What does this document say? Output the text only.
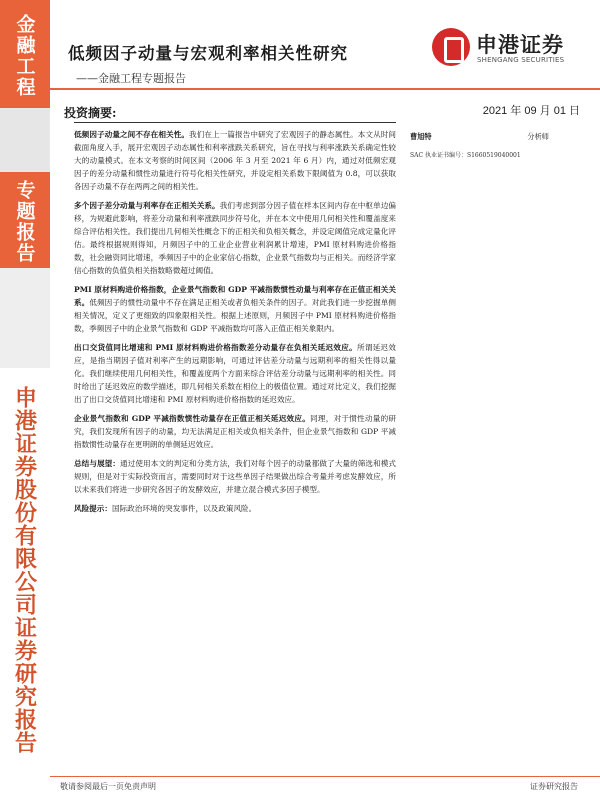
金融工程
专题报告
申港证券股份有限公司证券研究报告
低频因子动量与宏观利率相关性研究
——金融工程专题报告
申港证券
SHENGANG SECURITIES
投资摘要:	2021 年 09 月 01 日

低频因子动量之间不存在相关性。我们在上一篇报告中研究了宏观因子的静态属性。本文从时间截面角度入手，展开宏观因子动态属性和利率涨跌关系研究，旨在寻找与利率涨跌关系确定性较大的动量模式。在本文考察的时间区间（2006 年 3 月至 2021 年 6 月）内，通过对低频宏观因子的差分动量和惯性动量进行符号化相关性研究，并设定相关系数下限阈值为 0.8，可以获取各因子动量不存在两两之间的相关性。

多个因子差分动量与利率存在正相关关系。我们考虑到部分因子值在样本区间内存在中枢单边偏移，为规避此影响，将差分动量和利率涨跌同步符号化，并在本文中使用几何相关性和覆盖度来综合评估相关性。我们提出几何相关性概念下的正相关和负相关概念，并设定阈值完成定量化评估。最终根据规则得知，月频因子中的工业企业营业利润累计增速，PMI 原材料购进价格指数，社会融资同比增速，季频因子中的企业家信心指数，企业景气指数均与正相关。而经济学家信心指数的负值负相关指数略微超过阈值。

PMI 原材料购进价格指数，企业景气指数和 GDP 平减指数惯性动量与利率存在正值正相关关系。低频因子的惯性动量中不存在满足正相关或者负相关条件的因子。对此我们进一步挖掘单侧相关情况，定义了更细致的四象限相关性。根据上述原则，月频因子中 PMI 原材料购进价格指数，季频因子中的企业景气指数和 GDP 平减指数均可落入正值正相关象限内。

出口交货值同比增速和 PMI 原材料购进价格指数差分动量存在负相关延迟效应。所谓延迟效应，是指当期因子值对利率产生的远期影响，可通过评估差分动量与远期利率的相关性得以量化。我们继续使用几何相关性，和覆盖度两个方面来综合评估差分动量与远期利率的相关性。同时给出了延迟效应的数学描述，即几何相关系数在相位上的极值位置。通过对比定义，我们挖掘出了出口交货值同比增速和 PMI 原材料购进价格指数的延迟效应。

企业景气指数和 GDP 平减指数惯性动量存在正值正相关延迟效应。同理，对于惯性动量的研究，我们发现所有因子的动量，均无法满足正相关或负相关条件，但企业景气指数和 GDP 平减指数惯性动量存在更明朗的单侧延迟效应。

总结与展望：通过使用本文的判定和分类方法，我们对每个因子的动量都做了大量的筛选和模式规则，但是对于实际投资而言，需要同时对于这些单因子结果做出综合考量并考虑发酵效应，所以未来我们将进一步研究各因子的发酵效应，并建立混合模式多因子模型。

风险提示：国际政治环境的突发事件，以及政策风险。

曹旭特	分析师
SAC 执业证书编号：S1660519040001
敬请参阅最后一页免责声明	证券研究报告
